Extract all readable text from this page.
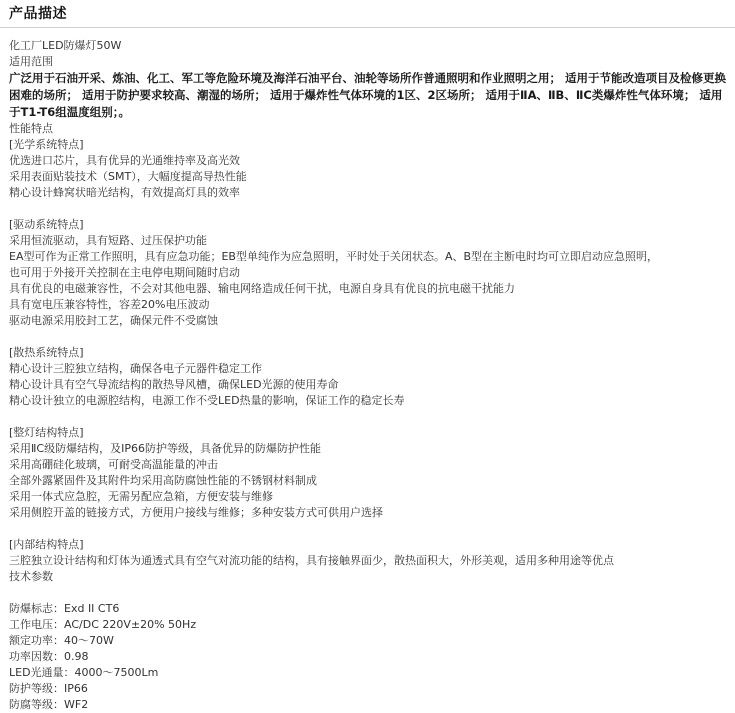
产品描述
化工厂LED防爆灯50W
适用范围
广泛用于石油开采、炼油、化工、军工等危险环境及海洋石油平台、油轮等场所作普通照明和作业照明之用； 适用于节能改造项目及检修更换困难的场所； 适用于防护要求较高、潮湿的场所； 适用于爆炸性气体环境的1区、2区场所； 适用于ⅡA、ⅡB、ⅡC类爆炸性气体环境； 适用于T1-T6组温度组别；。
性能特点
[光学系统特点]
优选进口芯片，具有优异的光通维持率及高光效
采用表面贴装技术（SMT），大幅度提高导热性能
精心设计蜂窝状暗光结构，有效提高灯具的效率
[驱动系统特点]
采用恒流驱动，具有短路、过压保护功能
EA型可作为正常工作照明，具有应急功能；EB型单纯作为应急照明，平时处于关闭状态。A、B型在主断电时均可立即启动应急照明，
也可用于外接开关控制在主电停电期间随时启动
具有优良的电磁兼容性，不会对其他电器、输电网络造成任何干扰，电源自身具有优良的抗电磁干扰能力
具有宽电压兼容特性，容差20%电压波动
驱动电源采用胶封工艺，确保元件不受腐蚀
[散热系统特点]
精心设计三腔独立结构，确保各电子元器件稳定工作
精心设计具有空气导流结构的散热导风槽，确保LED光源的使用寿命
精心设计独立的电源腔结构，电源工作不受LED热量的影响，保证工作的稳定长寿
[整灯结构特点]
采用ⅡC级防爆结构，及IP66防护等级，具备优异的防爆防护性能
采用高硼硅化玻璃，可耐受高温能量的冲击
全部外露紧固件及其附件均采用高防腐蚀性能的不锈钢材料制成
采用一体式应急腔，无需另配应急箱，方便安装与维修
采用侧腔开盖的链接方式，方便用户接线与维修；多种安装方式可供用户选择
[内部结构特点]
三腔独立设计结构和灯体为通透式具有空气对流功能的结构，具有接触界面少，散热面积大，外形美观，适用多种用途等优点
技术参数
防爆标志：Exd II CT6
工作电压：AC/DC 220V±20% 50Hz
额定功率：40～70W
功率因数：0.98
LED光通量：4000～7500Lm
防护等级：IP66
防腐等级：WF2
